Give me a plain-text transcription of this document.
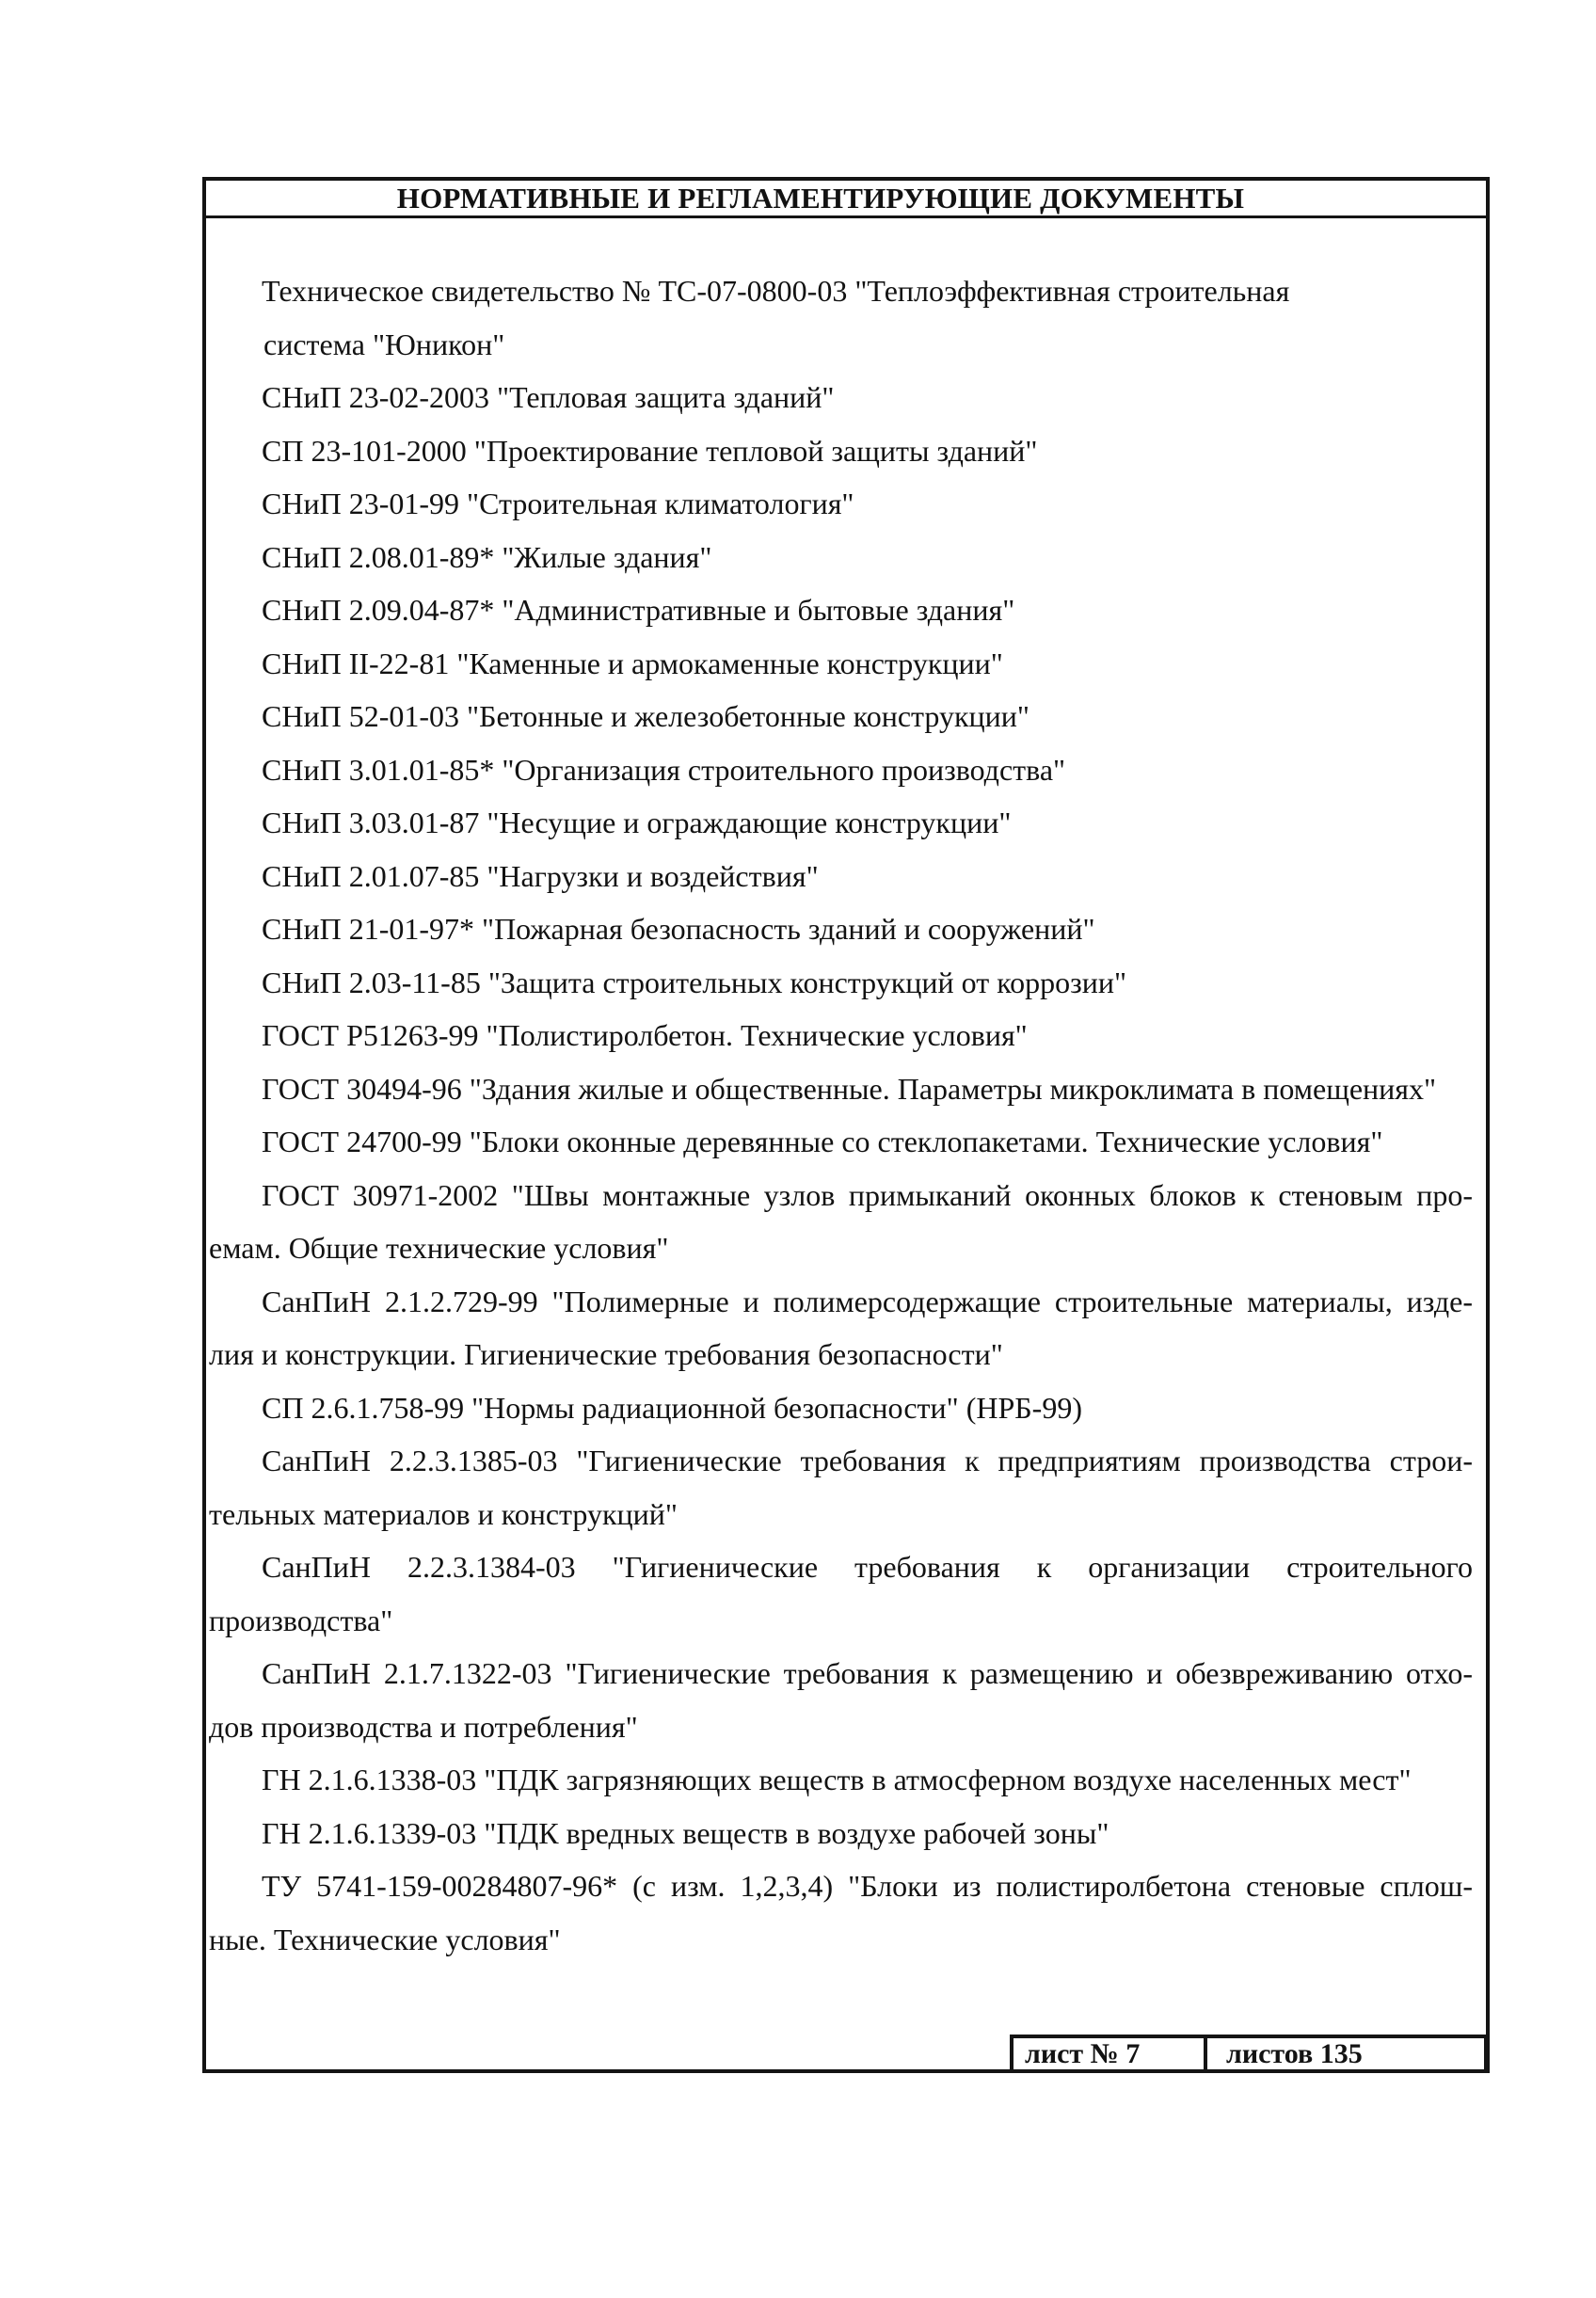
НОРМАТИВНЫЕ И РЕГЛАМЕНТИРУЮЩИЕ ДОКУМЕНТЫ
Техническое свидетельство № ТС-07-0800-03 "Теплоэффективная строительная
система "Юникон"
СНиП 23-02-2003 "Тепловая защита зданий"
СП 23-101-2000 "Проектирование тепловой защиты зданий"
СНиП 23-01-99 "Строительная климатология"
СНиП 2.08.01-89* "Жилые здания"
СНиП 2.09.04-87* "Административные и бытовые здания"
СНиП II-22-81 "Каменные и армокаменные конструкции"
СНиП 52-01-03 "Бетонные и железобетонные конструкции"
СНиП 3.01.01-85* "Организация строительного производства"
СНиП 3.03.01-87 "Несущие и ограждающие конструкции"
СНиП 2.01.07-85 "Нагрузки и воздействия"
СНиП 21-01-97* "Пожарная безопасность зданий и сооружений"
СНиП 2.03-11-85 "Защита строительных конструкций от коррозии"
ГОСТ Р51263-99 "Полистиролбетон. Технические условия"
ГОСТ 30494-96 "Здания жилые и общественные. Параметры микроклимата в помещениях"
ГОСТ 24700-99 "Блоки оконные деревянные со стеклопакетами. Технические условия"
ГОСТ 30971-2002 "Швы монтажные узлов примыканий оконных блоков к стеновым про-
емам. Общие технические условия"
СанПиН 2.1.2.729-99 "Полимерные и полимерсодержащие строительные материалы, изде-
лия и конструкции. Гигиенические требования безопасности"
СП 2.6.1.758-99 "Нормы радиационной безопасности" (НРБ-99)
СанПиН 2.2.3.1385-03 "Гигиенические требования к предприятиям производства строи-
тельных материалов и конструкций"
СанПиН 2.2.3.1384-03 "Гигиенические требования к организации строительного
производства"
СанПиН 2.1.7.1322-03 "Гигиенические требования к размещению и обезвреживанию отхо-
дов производства и потребления"
ГН 2.1.6.1338-03 "ПДК загрязняющих веществ в атмосферном воздухе населенных мест"
ГН 2.1.6.1339-03 "ПДК вредных веществ в воздухе рабочей зоны"
ТУ 5741-159-00284807-96* (с изм. 1,2,3,4) "Блоки из полистиролбетона стеновые сплош-
ные. Технические условия"
лист № 7	листов 135
